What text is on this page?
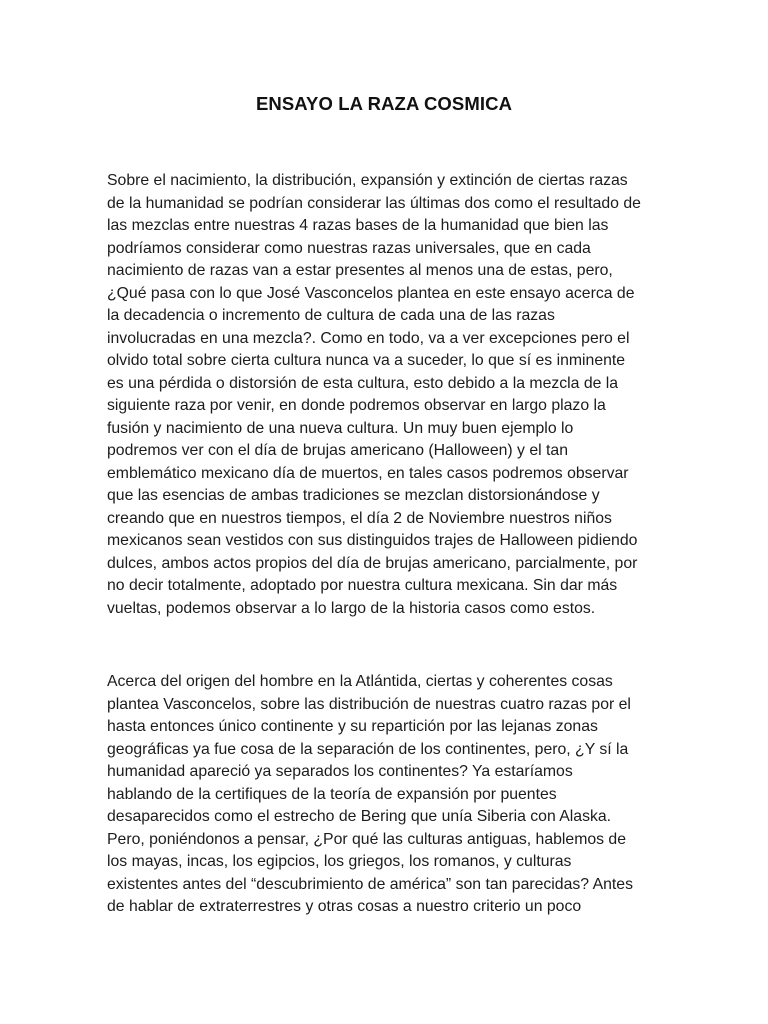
ENSAYO LA RAZA COSMICA
Sobre el nacimiento, la distribución, expansión y extinción de ciertas razas
de la humanidad se podrían considerar las últimas dos como el resultado de
las mezclas entre nuestras 4 razas bases de la humanidad que bien las
podríamos considerar como nuestras razas universales, que en cada
nacimiento de razas van a estar presentes al menos una de estas, pero,
¿Qué pasa con lo que José Vasconcelos plantea en este ensayo acerca de
la decadencia o incremento de cultura de cada una de las razas
involucradas en una mezcla?. Como en todo, va a ver excepciones pero el
olvido total sobre cierta cultura nunca va a suceder, lo que sí es inminente
es una pérdida o distorsión de esta cultura, esto debido a la mezcla de la
siguiente raza por venir, en donde podremos observar en largo plazo la
fusión y nacimiento de una nueva cultura. Un muy buen ejemplo lo
podremos ver con el día de brujas americano (Halloween) y el tan
emblemático mexicano día de muertos, en tales casos podremos observar
que las esencias de ambas tradiciones se mezclan distorsionándose y
creando que en nuestros tiempos, el día 2 de Noviembre nuestros niños
mexicanos sean vestidos con sus distinguidos trajes de Halloween pidiendo
dulces, ambos actos propios del día de brujas americano, parcialmente, por
no decir totalmente, adoptado por nuestra cultura mexicana. Sin dar más
vueltas, podemos observar a lo largo de la historia casos como estos.
Acerca del origen del hombre en la Atlántida, ciertas y coherentes cosas
plantea Vasconcelos, sobre las distribución de nuestras cuatro razas por el
hasta entonces único continente y su repartición por las lejanas zonas
geográficas ya fue cosa de la separación de los continentes, pero, ¿Y sí la
humanidad apareció ya separados los continentes? Ya estaríamos
hablando de la certifiques de la teoría de expansión por puentes
desaparecidos como el estrecho de Bering que unía Siberia con Alaska.
Pero, poniéndonos a pensar, ¿Por qué las culturas antiguas, hablemos de
los mayas, incas, los egipcios, los griegos, los romanos, y culturas
existentes antes del “descubrimiento de américa” son tan parecidas? Antes
de hablar de extraterrestres y otras cosas a nuestro criterio un poco
